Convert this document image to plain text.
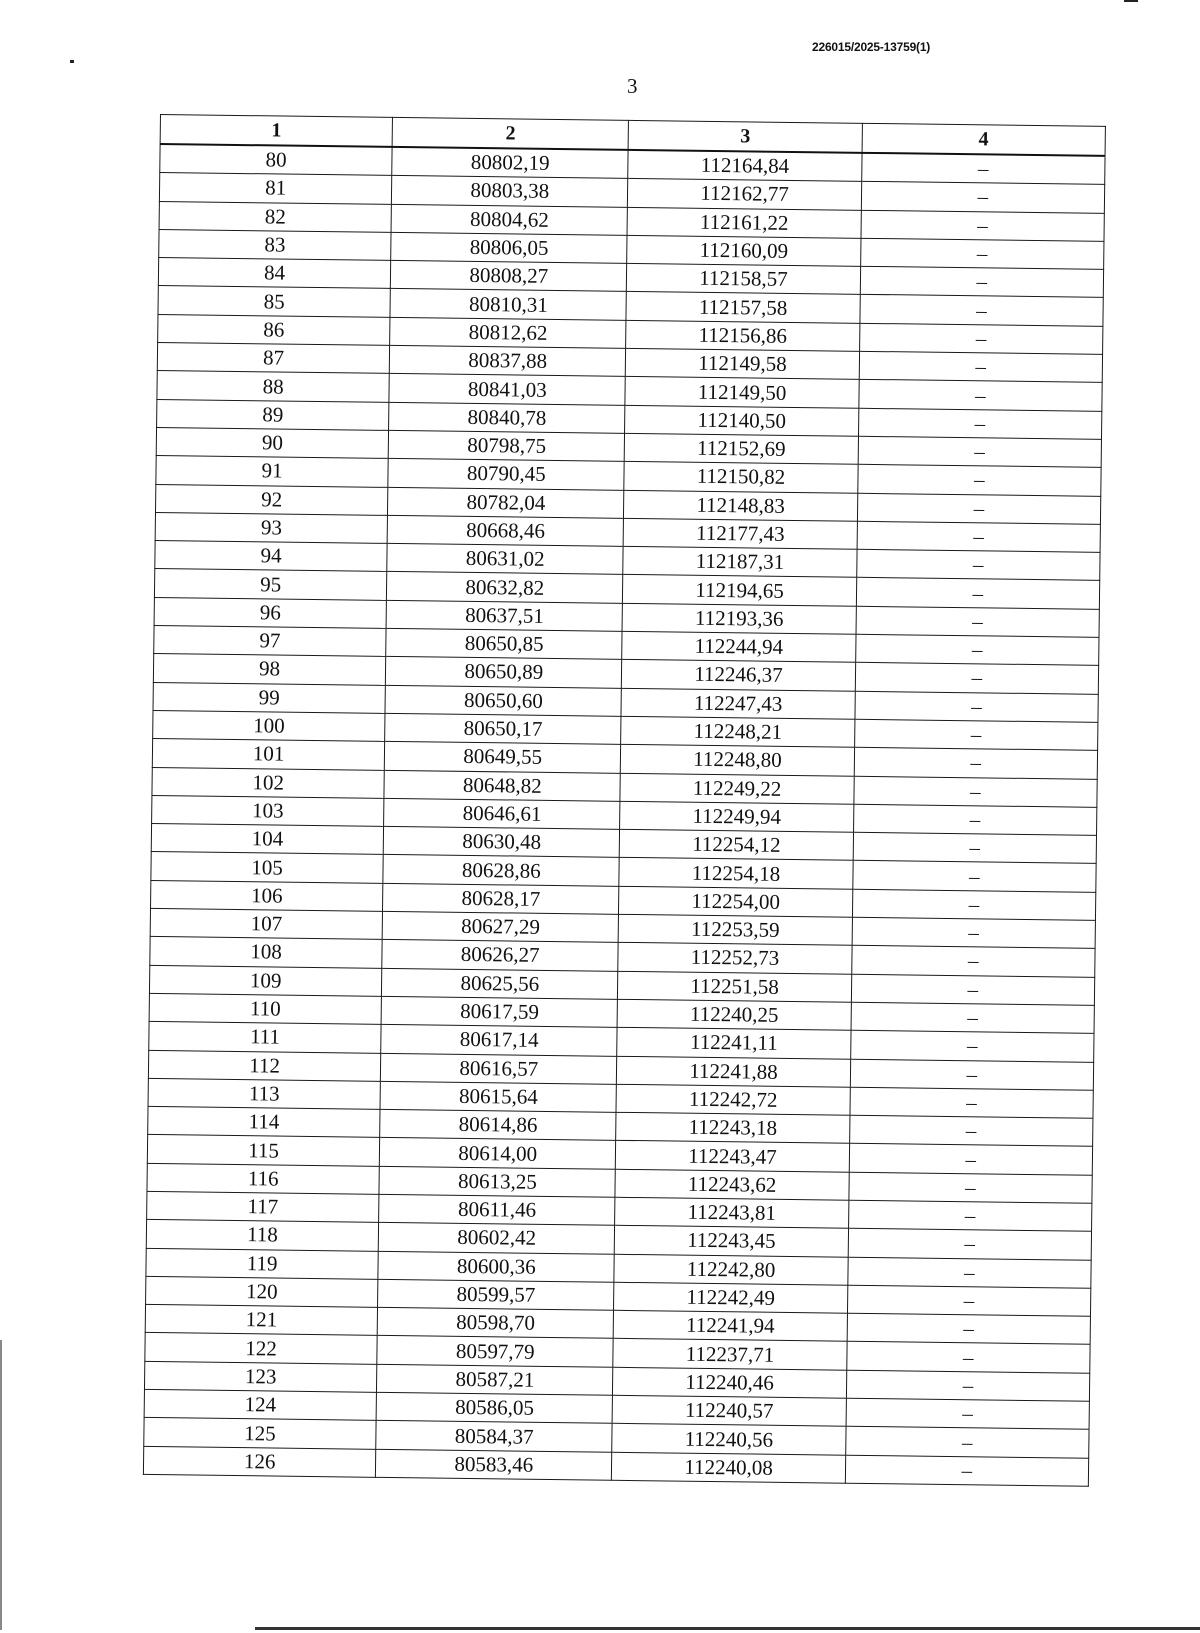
226015/2025-13759(1)
3
1	2	3	4
80	80802,19	112164,84	–
81	80803,38	112162,77	–
82	80804,62	112161,22	–
83	80806,05	112160,09	–
84	80808,27	112158,57	–
85	80810,31	112157,58	–
86	80812,62	112156,86	–
87	80837,88	112149,58	–
88	80841,03	112149,50	–
89	80840,78	112140,50	–
90	80798,75	112152,69	–
91	80790,45	112150,82	–
92	80782,04	112148,83	–
93	80668,46	112177,43	–
94	80631,02	112187,31	–
95	80632,82	112194,65	–
96	80637,51	112193,36	–
97	80650,85	112244,94	–
98	80650,89	112246,37	–
99	80650,60	112247,43	–
100	80650,17	112248,21	–
101	80649,55	112248,80	–
102	80648,82	112249,22	–
103	80646,61	112249,94	–
104	80630,48	112254,12	–
105	80628,86	112254,18	–
106	80628,17	112254,00	–
107	80627,29	112253,59	–
108	80626,27	112252,73	–
109	80625,56	112251,58	–
110	80617,59	112240,25	–
111	80617,14	112241,11	–
112	80616,57	112241,88	–
113	80615,64	112242,72	–
114	80614,86	112243,18	–
115	80614,00	112243,47	–
116	80613,25	112243,62	–
117	80611,46	112243,81	–
118	80602,42	112243,45	–
119	80600,36	112242,80	–
120	80599,57	112242,49	–
121	80598,70	112241,94	–
122	80597,79	112237,71	–
123	80587,21	112240,46	–
124	80586,05	112240,57	–
125	80584,37	112240,56	–
126	80583,46	112240,08	–
